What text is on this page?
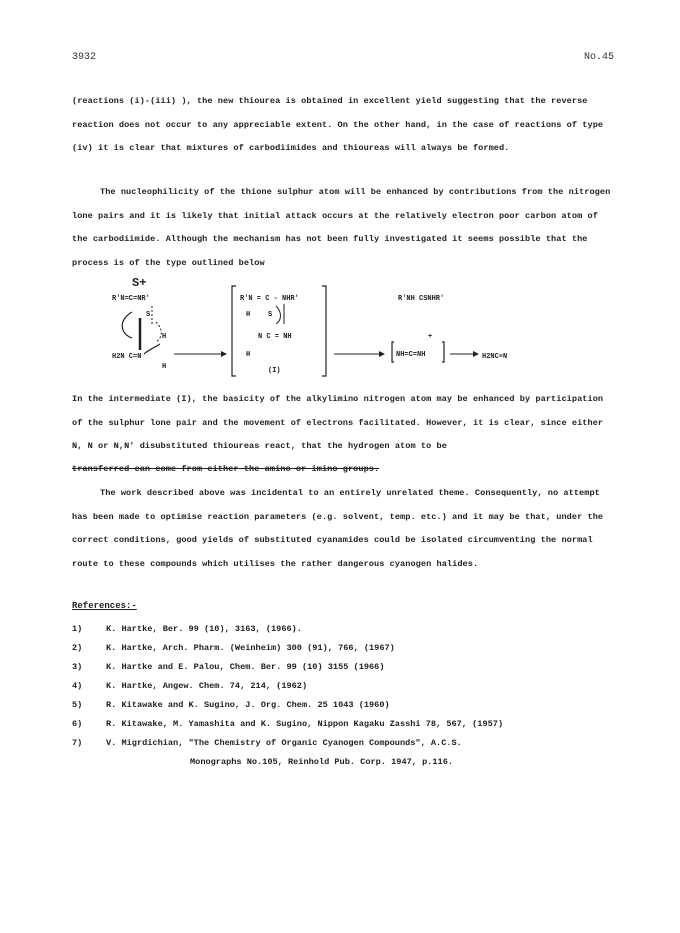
3932	No.45
(reactions (i)-(iii) ), the new thiourea is obtained in excellent yield suggesting that the reverse reaction does not occur to any appreciable extent. On the other hand, in the case of reactions of type (iv) it is clear that mixtures of carbodiimides and thioureas will always be formed.
The nucleophilicity of the thione sulphur atom will be enhanced by contributions from the nitrogen lone pairs and it is likely that initial attack occurs at the relatively electron poor carbon atom of the carbodiimide. Although the mechanism has not been fully investigated it seems possible that the process is of the type outlined below
S+
R'N=C=NR'
S
H
H2N C=N
H
R'N = C - NHR'
H	S
N C = NH
H
(I)
R'NH CSNHR'
+
NH=C=NH	H2NC≡N
In the intermediate (I), the basicity of the alkylimino nitrogen atom may be enhanced by participation of the sulphur lone pair and the movement of electrons facilitated. However, it is clear, since either N, N or N,N' disubstituted thioureas react, that the hydrogen atom to be
transferred can come from either the amino or imino groups.
The work described above was incidental to an entirely unrelated theme. Consequently, no attempt has been made to optimise reaction parameters (e.g. solvent, temp. etc.) and it may be that, under the correct conditions, good yields of substituted cyanamides could be isolated circumventing the normal route to these compounds which utilises the rather dangerous cyanogen halides.
References:-
1)	K. Hartke, Ber. 99 (10), 3163, (1966).
2)	K. Hartke, Arch. Pharm. (Weinheim) 300 (91), 766, (1967)
3)	K. Hartke and E. Palou, Chem. Ber. 99 (10) 3155 (1966)
4)	K. Hartke, Angew. Chem. 74, 214, (1962)
5)	R. Kitawake and K. Sugino, J. Org. Chem. 25 1043 (1960)
6)	R. Kitawake, M. Yamashita and K. Sugino, Nippon Kagaku Zasshi 78, 567, (1957)
7)	V. Migrdichian, "The Chemistry of Organic Cyanogen Compounds", A.C.S.
Monographs No.105, Reinhold Pub. Corp. 1947, p.116.
